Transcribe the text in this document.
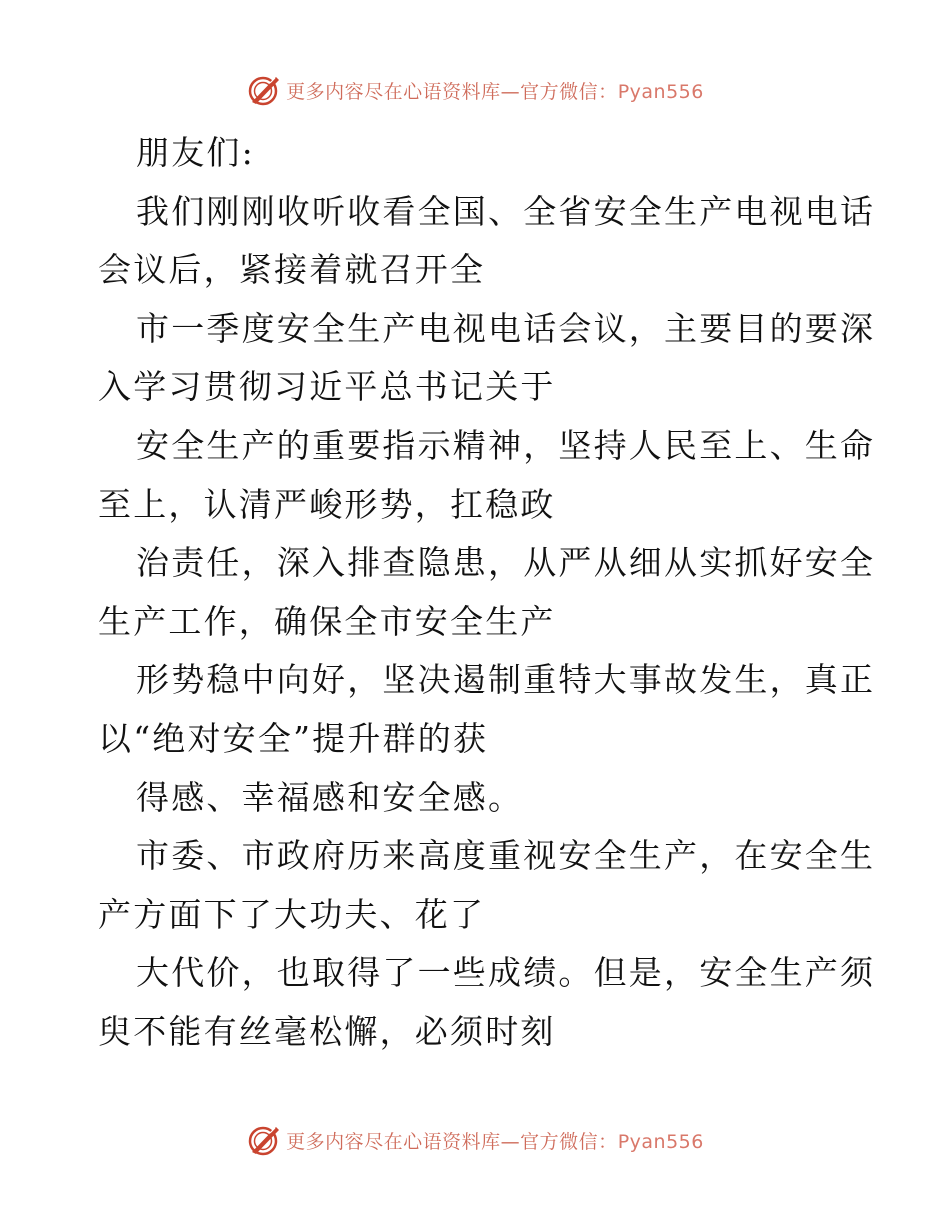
更多内容尽在心语资料库—官方微信：Pyan556
朋友们:
我们刚刚收听收看全国、全省安全生产电视电话
会议后，紧接着就召开全
市一季度安全生产电视电话会议，主要目的要深
入学习贯彻习近平总书记关于
安全生产的重要指示精神，坚持人民至上、生命
至上，认清严峻形势，扛稳政
治责任，深入排查隐患，从严从细从实抓好安全
生产工作，确保全市安全生产
形势稳中向好，坚决遏制重特大事故发生，真正
以“绝对安全”提升群的获
得感、幸福感和安全感。
市委、市政府历来高度重视安全生产，在安全生
产方面下了大功夫、花了
大代价，也取得了一些成绩。但是，安全生产须
臾不能有丝毫松懈，必须时刻
更多内容尽在心语资料库—官方微信：Pyan556
